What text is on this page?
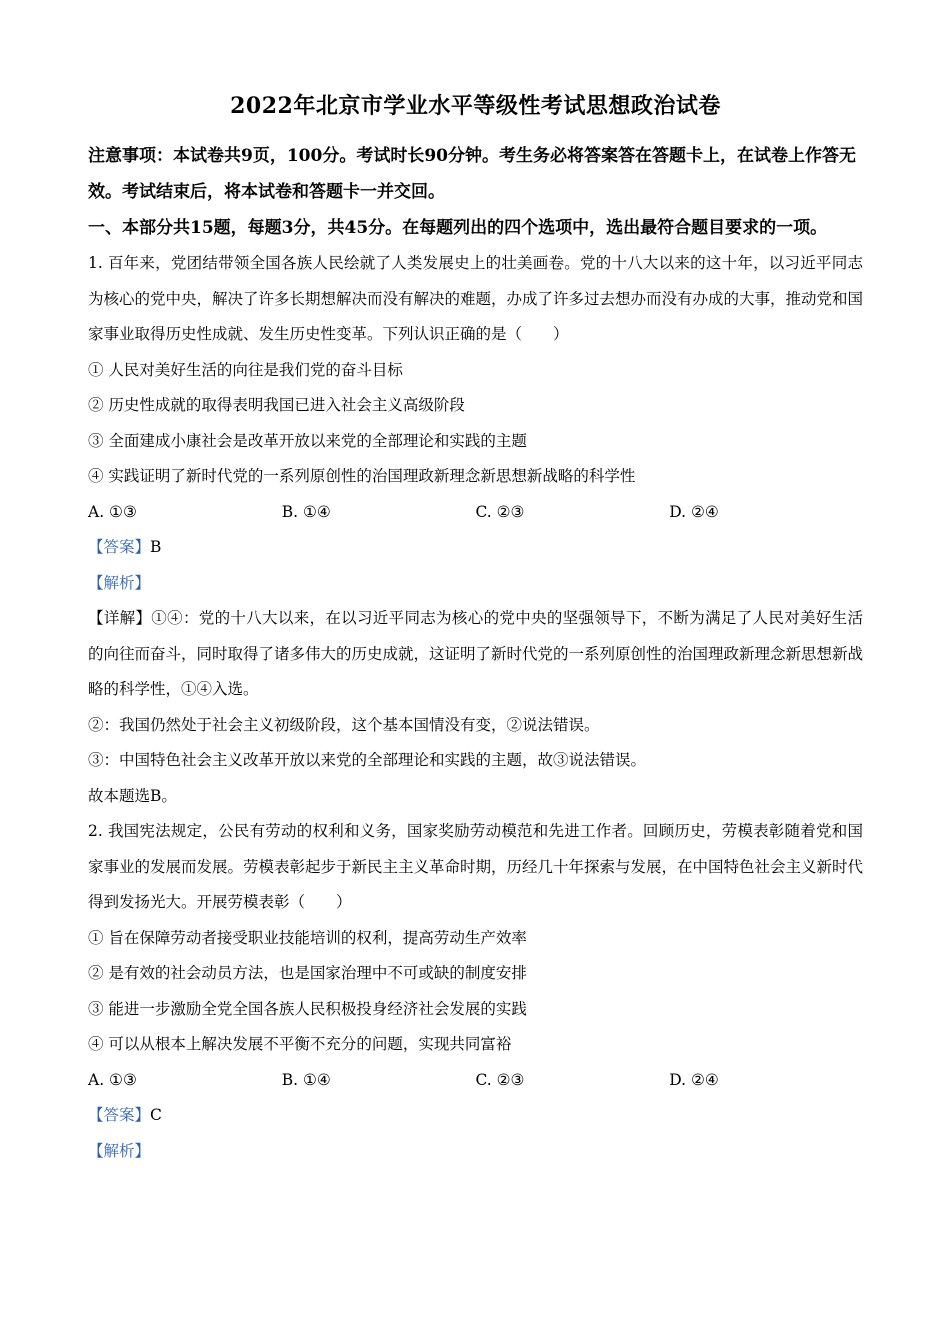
2022年北京市学业水平等级性考试思想政治试卷

注意事项：本试卷共9页，100分。考试时长90分钟。考生务必将答案答在答题卡上，在试卷上作答无效。考试结束后，将本试卷和答题卡一并交回。

一、本部分共15题，每题3分，共45分。在每题列出的四个选项中，选出最符合题目要求的一项。

1. 百年来，党团结带领全国各族人民绘就了人类发展史上的壮美画卷。党的十八大以来的这十年，以习近平同志为核心的党中央，解决了许多长期想解决而没有解决的难题，办成了许多过去想办而没有办成的大事，推动党和国家事业取得历史性成就、发生历史性变革。下列认识正确的是（　　）

① 人民对美好生活的向往是我们党的奋斗目标

② 历史性成就的取得表明我国已进入社会主义高级阶段

③ 全面建成小康社会是改革开放以来党的全部理论和实践的主题

④ 实践证明了新时代党的一系列原创性的治国理政新理念新思想新战略的科学性

A. ①③	B. ①④	C. ②③	D. ②④

【答案】B

【解析】

【详解】①④：党的十八大以来，在以习近平同志为核心的党中央的坚强领导下，不断为满足了人民对美好生活的向往而奋斗，同时取得了诸多伟大的历史成就，这证明了新时代党的一系列原创性的治国理政新理念新思想新战略的科学性，①④入选。

②：我国仍然处于社会主义初级阶段，这个基本国情没有变，②说法错误。

③：中国特色社会主义改革开放以来党的全部理论和实践的主题，故③说法错误。

故本题选B。

2. 我国宪法规定，公民有劳动的权利和义务，国家奖励劳动模范和先进工作者。回顾历史，劳模表彰随着党和国家事业的发展而发展。劳模表彰起步于新民主主义革命时期，历经几十年探索与发展，在中国特色社会主义新时代得到发扬光大。开展劳模表彰（　　）

① 旨在保障劳动者接受职业技能培训的权利，提高劳动生产效率

② 是有效的社会动员方法，也是国家治理中不可或缺的制度安排

③ 能进一步激励全党全国各族人民积极投身经济社会发展的实践

④ 可以从根本上解决发展不平衡不充分的问题，实现共同富裕

A. ①③	B. ①④	C. ②③	D. ②④

【答案】C

【解析】
